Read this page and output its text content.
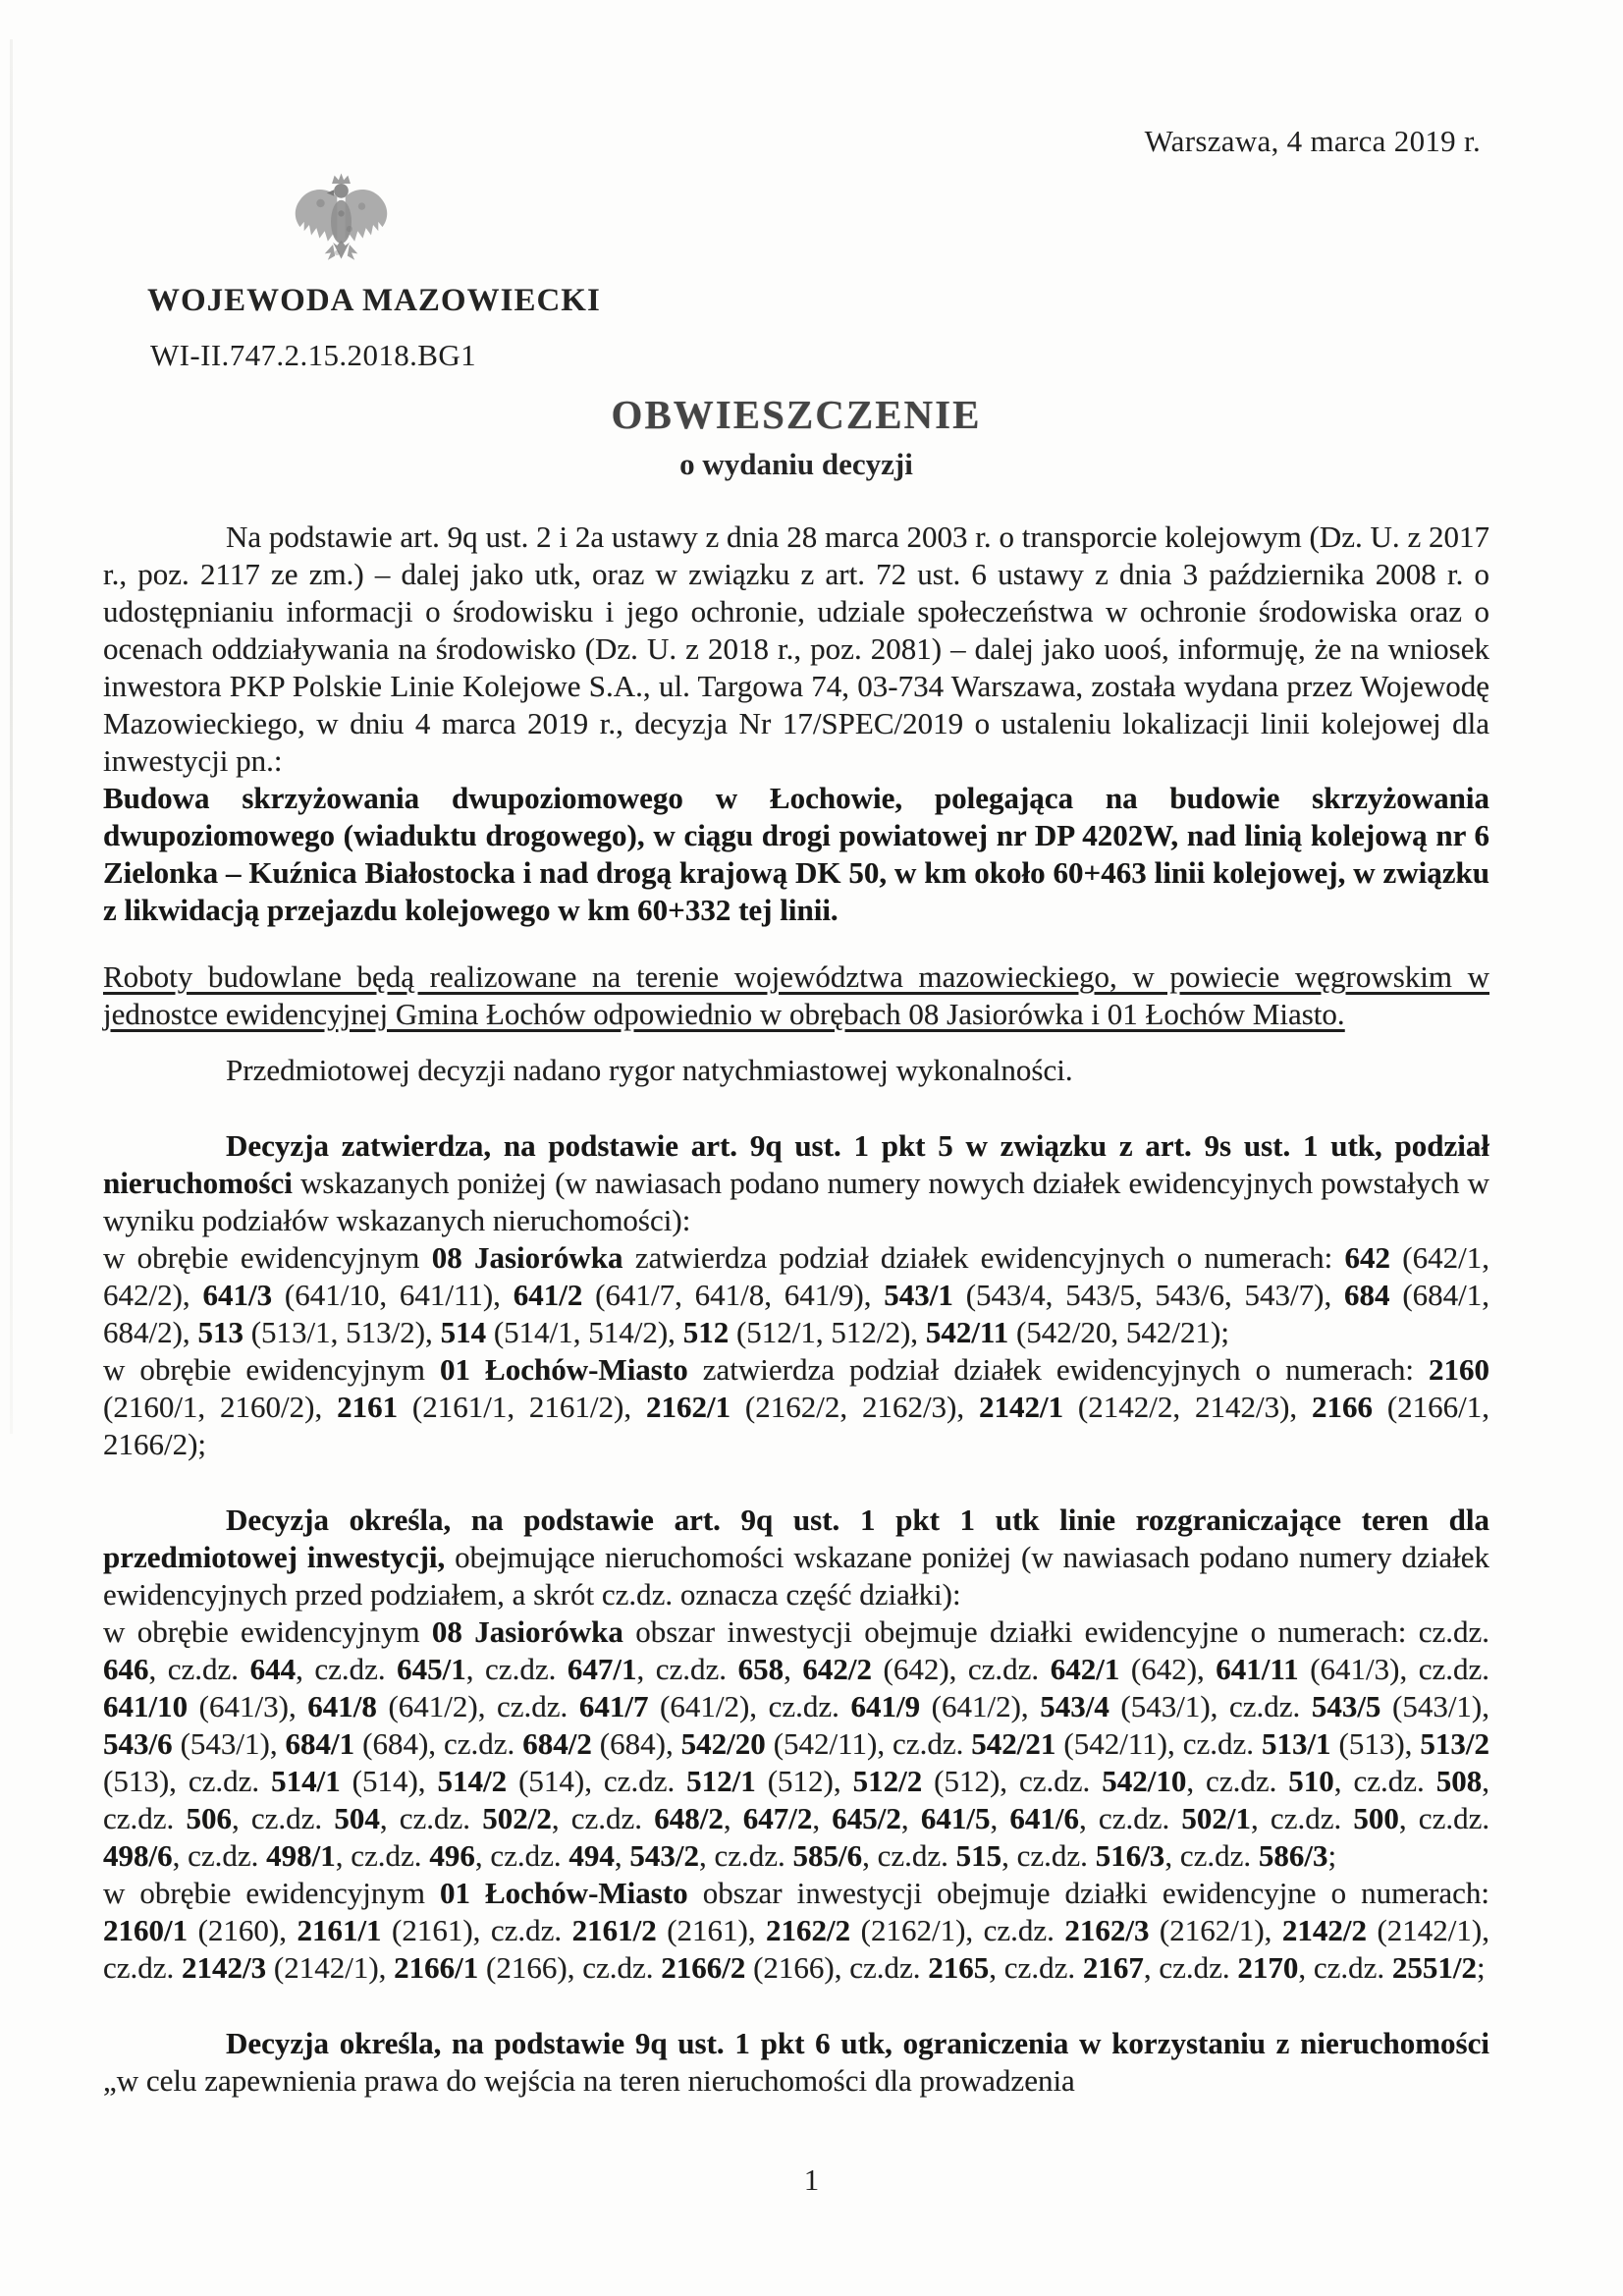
Warszawa, 4 marca 2019 r.
WOJEWODA MAZOWIECKI
WI-II.747.2.15.2018.BG1
OBWIESZCZENIE
o wydaniu decyzji

Na podstawie art. 9q ust. 2 i 2a ustawy z dnia 28 marca 2003 r. o transporcie kolejowym (Dz. U. z 2017 r., poz. 2117 ze zm.) – dalej jako utk, oraz w związku z art. 72 ust. 6 ustawy z dnia 3 października 2008 r. o udostępnianiu informacji o środowisku i jego ochronie, udziale społeczeństwa w ochronie środowiska oraz o ocenach oddziaływania na środowisko (Dz. U. z 2018 r., poz. 2081) – dalej jako uooś, informuję, że na wniosek inwestora PKP Polskie Linie Kolejowe S.A., ul. Targowa 74, 03-734 Warszawa, została wydana przez Wojewodę Mazowieckiego, w dniu 4 marca 2019 r., decyzja Nr 17/SPEC/2019 o ustaleniu lokalizacji linii kolejowej dla inwestycji pn.:

Budowa skrzyżowania dwupoziomowego w Łochowie, polegająca na budowie skrzyżowania dwupoziomowego (wiaduktu drogowego), w ciągu drogi powiatowej nr DP 4202W, nad linią kolejową nr 6 Zielonka – Kuźnica Białostocka i nad drogą krajową DK 50, w km około 60+463 linii kolejowej, w związku z likwidacją przejazdu kolejowego w km 60+332 tej linii.

Roboty budowlane będą realizowane na terenie województwa mazowieckiego, w powiecie węgrowskim w jednostce ewidencyjnej Gmina Łochów odpowiednio w obrębach 08 Jasiorówka i 01 Łochów Miasto.

Przedmiotowej decyzji nadano rygor natychmiastowej wykonalności.

Decyzja zatwierdza, na podstawie art. 9q ust. 1 pkt 5 w związku z art. 9s ust. 1 utk, podział nieruchomości wskazanych poniżej (w nawiasach podano numery nowych działek ewidencyjnych powstałych w wyniku podziałów wskazanych nieruchomości):

w obrębie ewidencyjnym 08 Jasiorówka zatwierdza podział działek ewidencyjnych o numerach: 642 (642/1, 642/2), 641/3 (641/10, 641/11), 641/2 (641/7, 641/8, 641/9), 543/1 (543/4, 543/5, 543/6, 543/7), 684 (684/1, 684/2), 513 (513/1, 513/2), 514 (514/1, 514/2), 512 (512/1, 512/2), 542/11 (542/20, 542/21);

w obrębie ewidencyjnym 01 Łochów-Miasto zatwierdza podział działek ewidencyjnych o numerach: 2160 (2160/1, 2160/2), 2161 (2161/1, 2161/2), 2162/1 (2162/2, 2162/3), 2142/1 (2142/2, 2142/3), 2166 (2166/1, 2166/2);

Decyzja określa, na podstawie art. 9q ust. 1 pkt 1 utk linie rozgraniczające teren dla przedmiotowej inwestycji, obejmujące nieruchomości wskazane poniżej (w nawiasach podano numery działek ewidencyjnych przed podziałem, a skrót cz.dz. oznacza część działki):

w obrębie ewidencyjnym 08 Jasiorówka obszar inwestycji obejmuje działki ewidencyjne o numerach: cz.dz. 646, cz.dz. 644, cz.dz. 645/1, cz.dz. 647/1, cz.dz. 658, 642/2 (642), cz.dz. 642/1 (642), 641/11 (641/3), cz.dz. 641/10 (641/3), 641/8 (641/2), cz.dz. 641/7 (641/2), cz.dz. 641/9 (641/2), 543/4 (543/1), cz.dz. 543/5 (543/1), 543/6 (543/1), 684/1 (684), cz.dz. 684/2 (684), 542/20 (542/11), cz.dz. 542/21 (542/11), cz.dz. 513/1 (513), 513/2 (513), cz.dz. 514/1 (514), 514/2 (514), cz.dz. 512/1 (512), 512/2 (512), cz.dz. 542/10, cz.dz. 510, cz.dz. 508, cz.dz. 506, cz.dz. 504, cz.dz. 502/2, cz.dz. 648/2, 647/2, 645/2, 641/5, 641/6, cz.dz. 502/1, cz.dz. 500, cz.dz. 498/6, cz.dz. 498/1, cz.dz. 496, cz.dz. 494, 543/2, cz.dz. 585/6, cz.dz. 515, cz.dz. 516/3, cz.dz. 586/3;

w obrębie ewidencyjnym 01 Łochów-Miasto obszar inwestycji obejmuje działki ewidencyjne o numerach: 2160/1 (2160), 2161/1 (2161), cz.dz. 2161/2 (2161), 2162/2 (2162/1), cz.dz. 2162/3 (2162/1), 2142/2 (2142/1), cz.dz. 2142/3 (2142/1), 2166/1 (2166), cz.dz. 2166/2 (2166), cz.dz. 2165, cz.dz. 2167, cz.dz. 2170, cz.dz. 2551/2;

Decyzja określa, na podstawie 9q ust. 1 pkt 6 utk, ograniczenia w korzystaniu z nieruchomości „w celu zapewnienia prawa do wejścia na teren nieruchomości dla prowadzenia

1
